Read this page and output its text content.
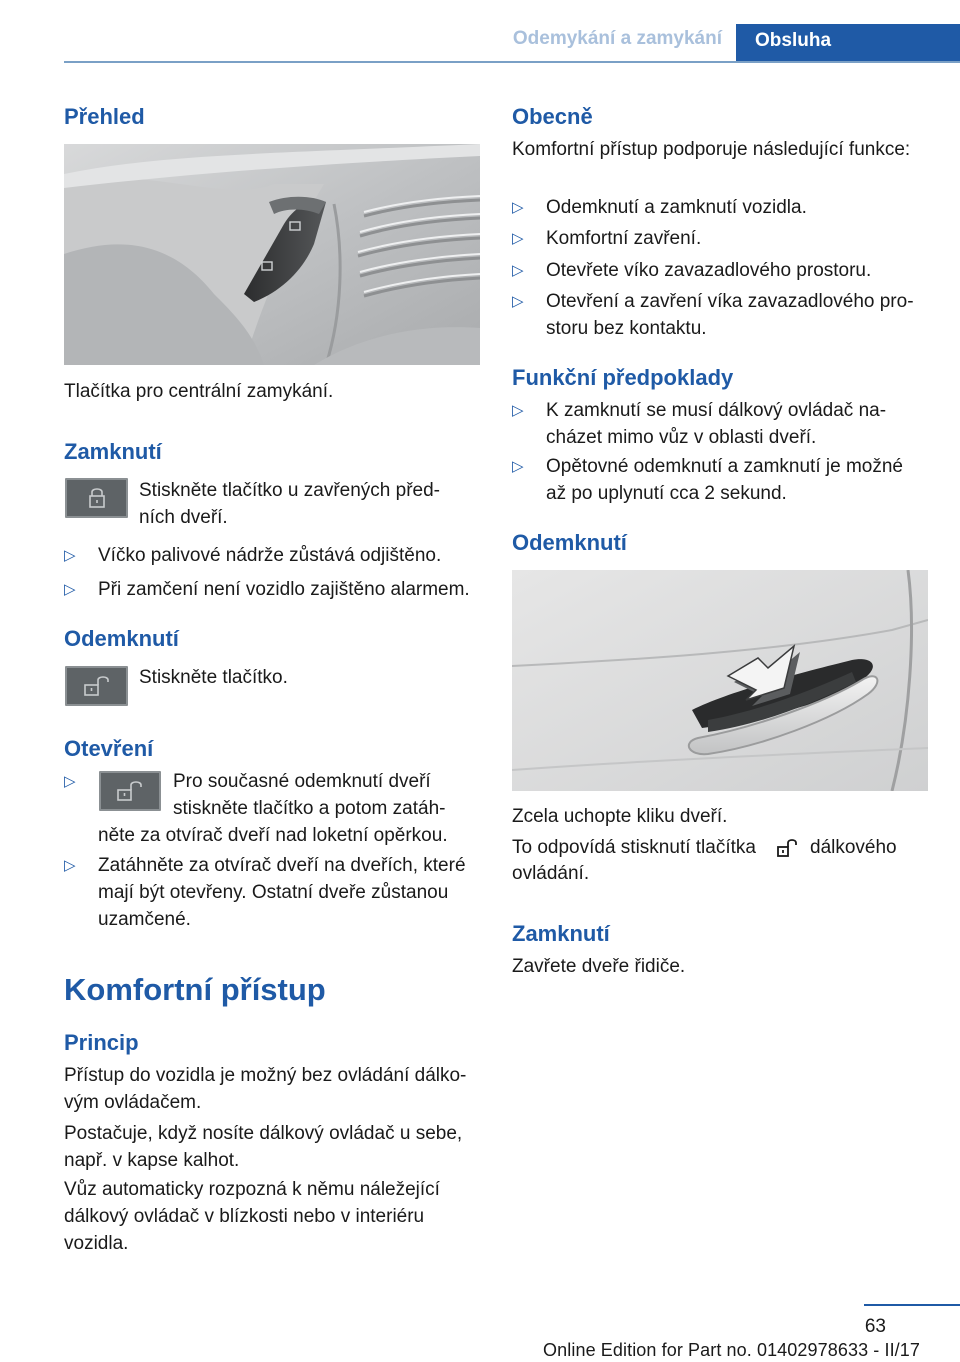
Odemykání a zamykání	Obsluha
Přehled
Tlačítka pro centrální zamykání.
Zamknutí
Stiskněte tlačítko u zavřených před-ních dveří.
▷ Víčko palivové nádrže zůstává odjištěno.
▷ Při zamčení není vozidlo zajištěno alarmem.
Odemknutí
Stiskněte tlačítko.
Otevření
▷	Pro současné odemknutí dveří
stiskněte tlačítko a potom zatáh-
něte za otvírač dveří nad loketní opěrkou.
▷ Zatáhněte za otvírač dveří na dveřích, které mají být otevřeny. Ostatní dveře zůstanou uzamčené.
Komfortní přístup
Princip
Přístup do vozidla je možný bez ovládání dálko-vým ovládačem.
Postačuje, když nosíte dálkový ovládač u sebe, např. v kapse kalhot.
Vůz automaticky rozpozná k němu náležející dálkový ovládač v blízkosti nebo v interiéru vozidla.
Obecně
Komfortní přístup podporuje následující funkce:
▷ Odemknutí a zamknutí vozidla.
▷ Komfortní zavření.
▷ Otevřete víko zavazadlového prostoru.
▷ Otevření a zavření víka zavazadlového pro-storu bez kontaktu.
Funkční předpoklady
▷ K zamknutí se musí dálkový ovládač na-cházet mimo vůz v oblasti dveří.
▷ Opětovné odemknutí a zamknutí je možné až po uplynutí cca 2 sekund.
Odemknutí
Zcela uchopte kliku dveří.
To odpovídá stisknutí tlačítka	dálkového
ovládání.
Zamknutí
Zavřete dveře řidiče.
63
Online Edition for Part no. 01402978633 - II/17
